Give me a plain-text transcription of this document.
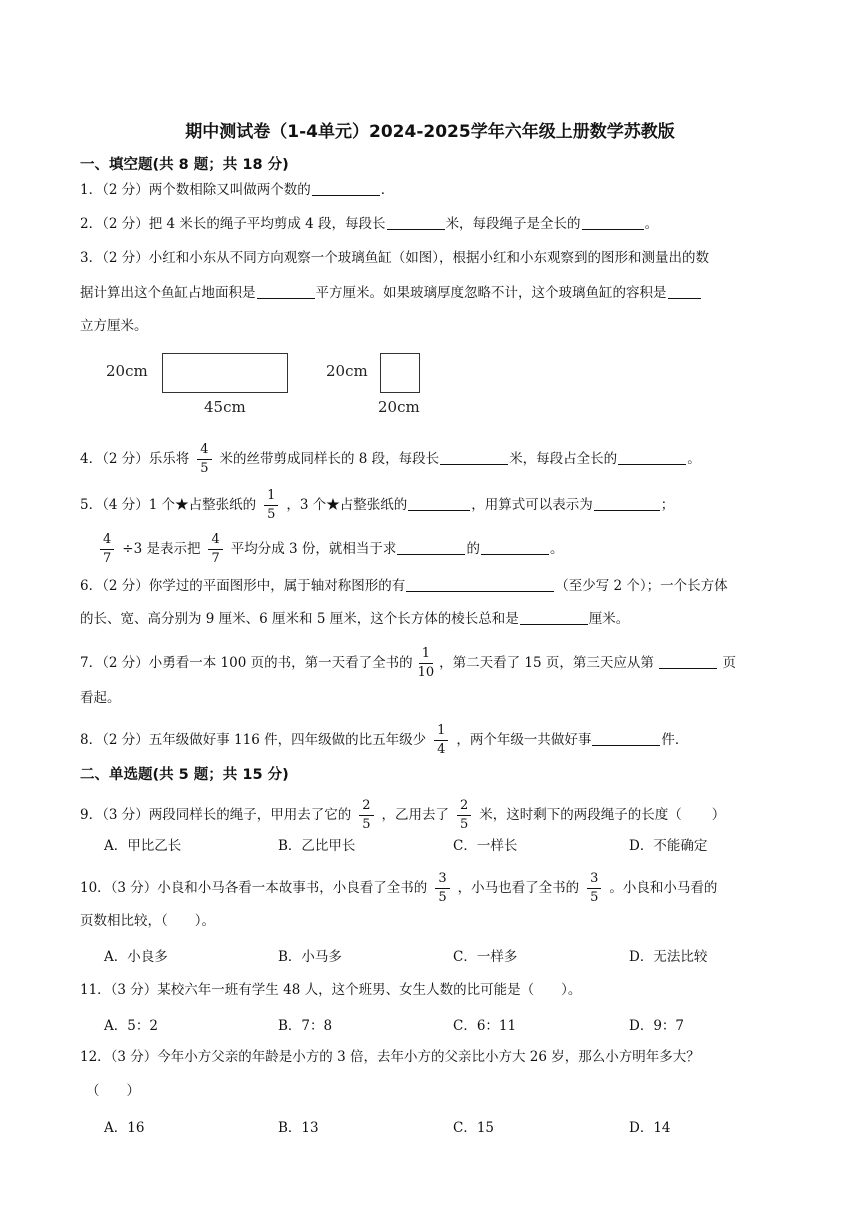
期中测试卷（1-4单元）2024-2025学年六年级上册数学苏教版
一、填空题(共 8 题；共 18 分)
1．（2 分）两个数相除又叫做两个数的	．
2．（2 分）把 4 米长的绳子平均剪成 4 段，每段长	米，每段绳子是全长的	。
3．（2 分）小红和小东从不同方向观察一个玻璃鱼缸（如图），根据小红和小东观察到的图形和测量出的数
据计算出这个鱼缸占地面积是	平方厘米。如果玻璃厚度忽略不计，这个玻璃鱼缸的容积是
立方厘米。
20cm
45cm
20cm
20cm
4．（2 分）乐乐将 $\frac{4}{5}$ 米的丝带剪成同样长的 8 段，每段长	米，每段占全长的	。
5．（4 分）1 个★占整张纸的 $\frac{1}{5}$ ，3 个★占整张纸的	，用算式可以表示为	；
$\frac{4}{7} \div 3$ 是表示把 $\frac{4}{7}$ 平均分成 3 份，就相当于求	的	。
6．（2 分）你学过的平面图形中，属于轴对称图形的有	（至少写 2 个）；一个长方体
的长、宽、高分别为 9 厘米、6 厘米和 5 厘米，这个长方体的棱长总和是	厘米。
7．（2 分）小勇看一本 100 页的书，第一天看了全书的 $\frac{1}{10}$ ，第二天看了 15 页，第三天应从第	页
看起。
8．（2 分）五年级做好事 116 件，四年级做的比五年级少 $\frac{1}{4}$ ，两个年级一共做好事	件．
二、单选题(共 5 题；共 15 分)
9．（3 分）两段同样长的绳子，甲用去了它的 $\frac{2}{5}$ ，乙用去了 $\frac{2}{5}$ 米，这时剩下的两段绳子的长度（ ）
A．甲比乙长	B．乙比甲长	C．一样长	D．不能确定
10．（3 分）小良和小马各看一本故事书，小良看了全书的 $\frac{3}{5}$ ，小马也看了全书的 $\frac{3}{5}$ 。小良和小马看的
页数相比较，（　　）。
A．小良多	B．小马多	C．一样多	D．无法比较
11．（3 分）某校六年一班有学生 48 人，这个班男、女生人数的比可能是（　　）。
A．5：2	B．7：8	C．6：11	D．9：7
12．（3 分）今年小方父亲的年龄是小方的 3 倍，去年小方的父亲比小方大 26 岁，那么小方明年多大？
（　　）
A．16	B．13	C．15	D．14
